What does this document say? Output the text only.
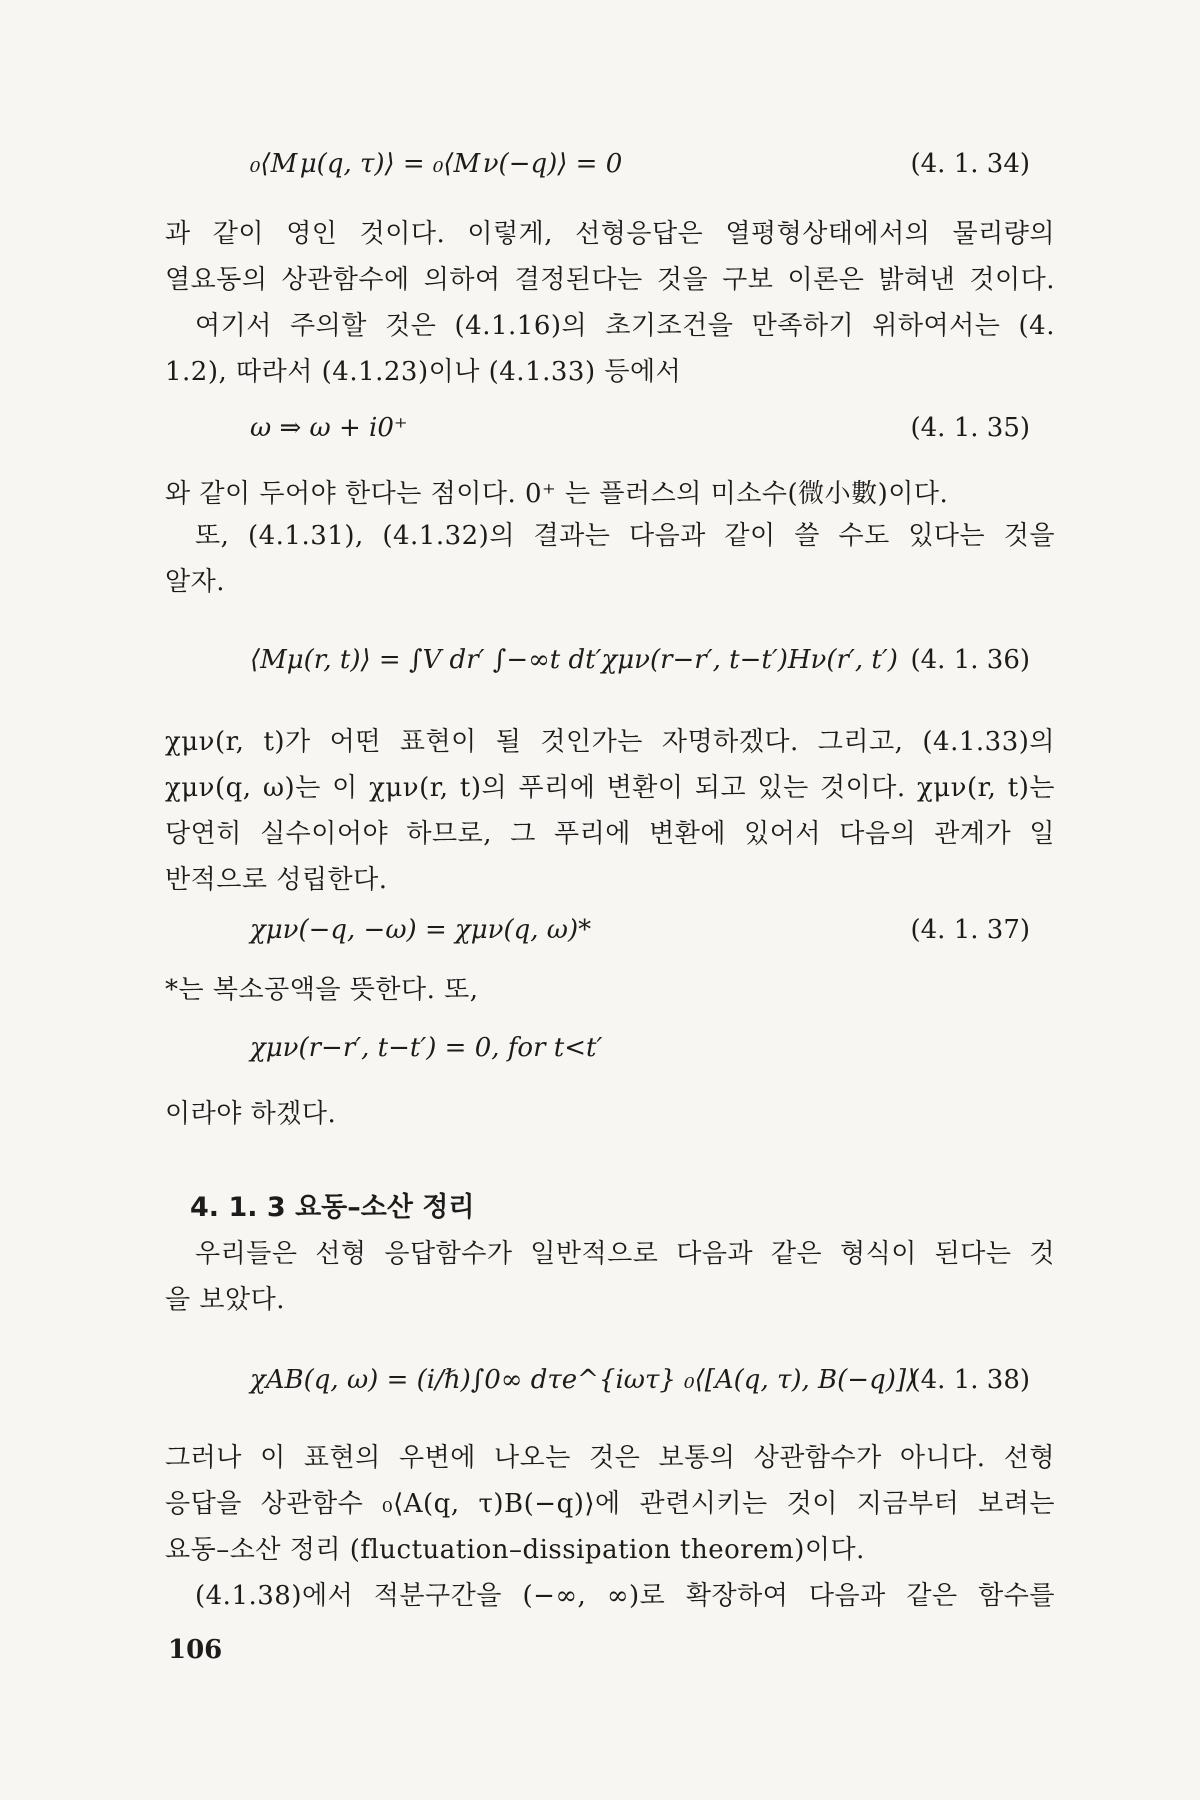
₀⟨M μ(q, τ)⟩ = ₀⟨M ν(−q)⟩ = 0	(4. 1. 34)
과 같이 영인 것이다. 이렇게, 선형응답은 열평형상태에서의 물리량의
열요동의 상관함수에 의하여 결정된다는 것을 구보 이론은 밝혀낸 것이다.
여기서 주의할 것은 (4.1.16)의 초기조건을 만족하기 위하여서는 (4.
1.2), 따라서 (4.1.23)이나 (4.1.33) 등에서
ω ⇒ ω + i0⁺	(4. 1. 35)
와 같이 두어야 한다는 점이다. 0⁺ 는 플러스의 미소수(微小數)이다.
또, (4.1.31), (4.1.32)의 결과는 다음과 같이 쓸 수도 있다는 것을
알자.
⟨Mμ(r, t)⟩ = ∫V dr′ ∫−∞t dt′χμν(r−r′, t−t′)Hν(r′, t′) (4. 1. 36)
χμν(r, t)가 어떤 표현이 될 것인가는 자명하겠다. 그리고, (4.1.33)의
χμν(q, ω)는 이 χμν(r, t)의 푸리에 변환이 되고 있는 것이다. χμν(r, t)는
당연히 실수이어야 하므로, 그 푸리에 변환에 있어서 다음의 관계가 일
반적으로 성립한다.
χμν(−q, −ω) = χμν(q, ω)*	(4. 1. 37)
*는 복소공액을 뜻한다. 또,
χμν(r−r′, t−t′) = 0, for t<t′
이라야 하겠다.
4. 1. 3 요동–소산 정리
우리들은 선형 응답함수가 일반적으로 다음과 같은 형식이 된다는 것
을 보았다.
χAB(q, ω) = (i/ℏ)∫0∞ dτe^{iωτ} ₀⟨[A(q, τ), B(−q)]⟩
(4. 1. 38)
그러나 이 표현의 우변에 나오는 것은 보통의 상관함수가 아니다. 선형
응답을 상관함수 ₀⟨A(q, τ)B(−q)⟩에 관련시키는 것이 지금부터 보려는
요동–소산 정리 (fluctuation–dissipation theorem)이다.
(4.1.38)에서 적분구간을 (−∞, ∞)로 확장하여 다음과 같은 함수를
106
